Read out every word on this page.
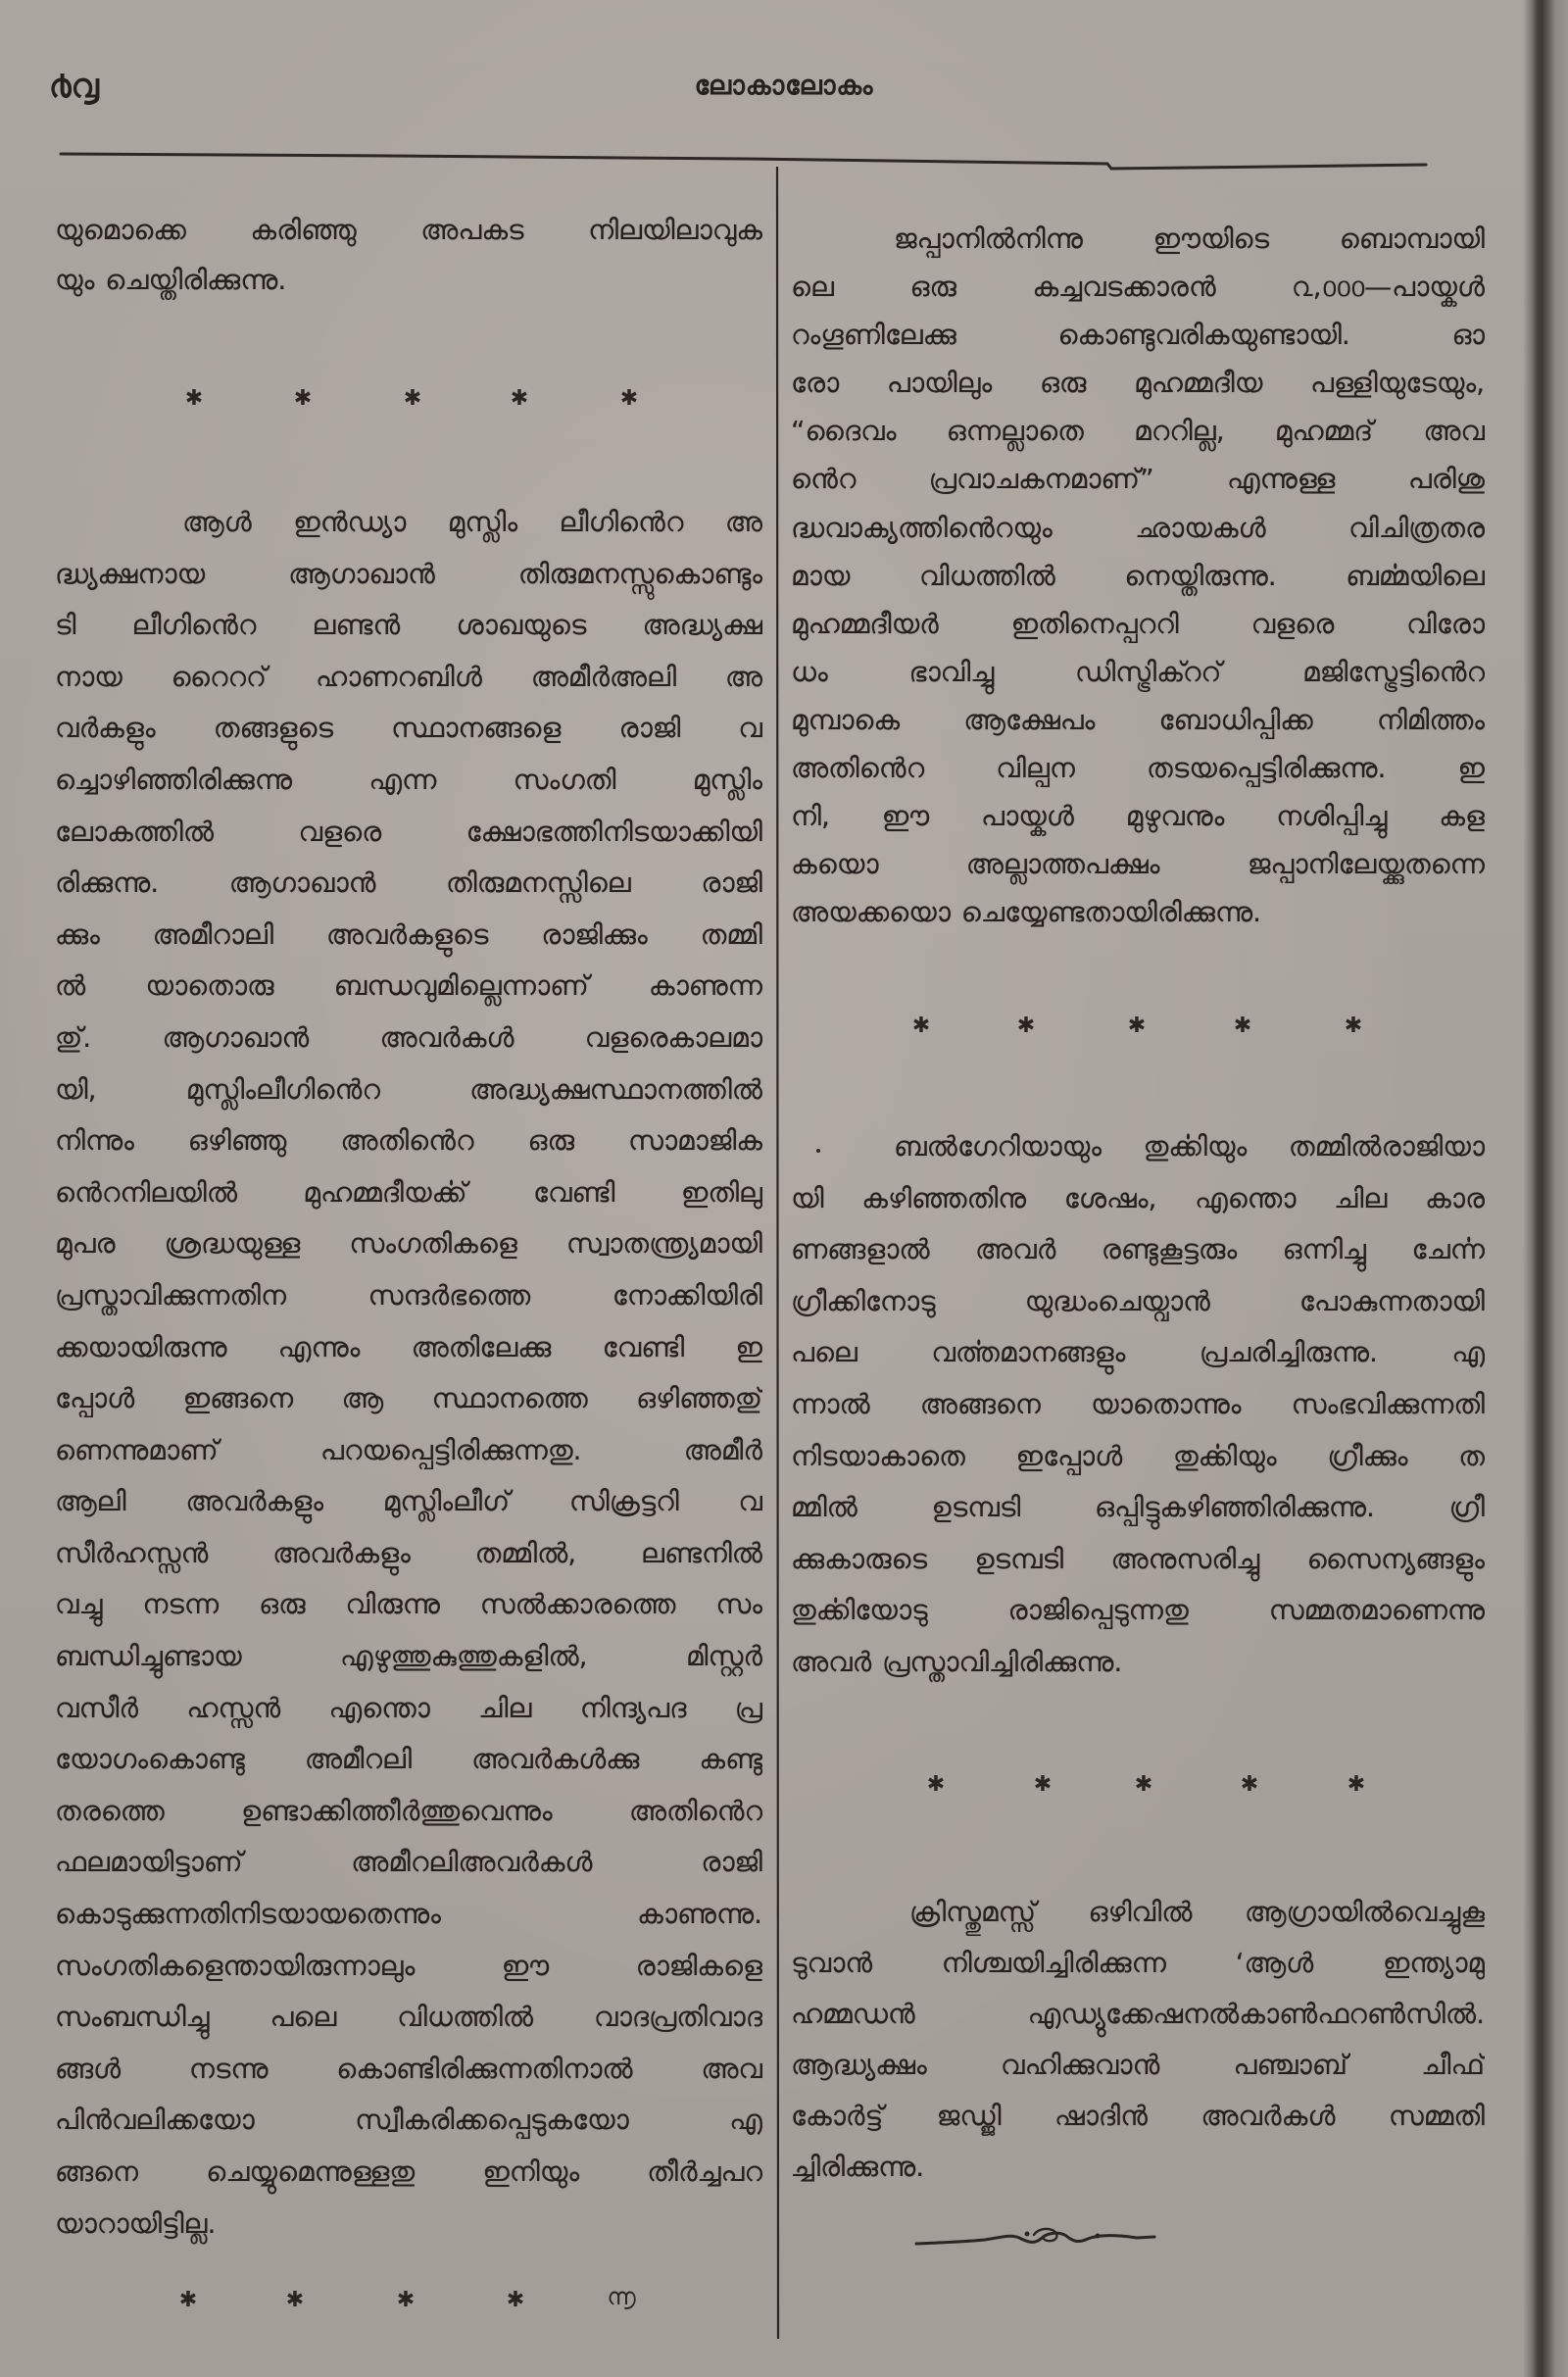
൪൮	ലോകാലോകം
യുമൊക്കെ കരിഞ്ഞു അപകട നിലയിലാവുക
യും ചെയ്തിരിക്കുന്നു.
✱	✱	✱	✱	✱
ആൾ ഇൻഡ്യാ മുസ്ലിം ലീഗിൻെറ അ
ദ്ധ്യക്ഷനായ ആഗാഖാൻ തിരുമനസ്സുകൊണ്ടും
ടി ലീഗിൻെറ ലണ്ടൻ ശാഖയുടെ അദ്ധ്യക്ഷ
നായ റൈററ് ഹാണറബിൾ അമീർഅലി അ
വർകളും തങ്ങളുടെ സ്ഥാനങ്ങളെ രാജി വ
ച്ചൊഴിഞ്ഞിരിക്കുന്നു എന്ന സംഗതി മുസ്ലിം
ലോകത്തിൽ വളരെ ക്ഷോഭത്തിനിടയാക്കിയി
രിക്കുന്നു. ആഗാഖാൻ തിരുമനസ്സിലെ രാജി
ക്കും അമീറാലി അവർകളുടെ രാജിക്കും തമ്മി
ൽ യാതൊരു ബന്ധവുമില്ലെന്നാണ് കാണുന്ന
തു്. ആഗാഖാൻ അവർകൾ വളരെകാലമാ
യി, മുസ്ലിംലീഗിൻെറ അദ്ധ്യക്ഷസ്ഥാനത്തിൽ
നിന്നും ഒഴിഞ്ഞു അതിൻെറ ഒരു സാമാജിക
ൻെറനിലയിൽ മുഹമ്മദീയൎക്ക് വേണ്ടി ഇതിലു
മുപര ശ്രദ്ധയുള്ള സംഗതികളെ സ്വാതന്ത്ര്യമായി
പ്രസ്താവിക്കുന്നതിന സന്ദർഭത്തെ നോക്കിയിരി
ക്കയായിരുന്നു എന്നും അതിലേക്കു വേണ്ടി ഇ
പ്പോൾ ഇങ്ങനെ ആ സ്ഥാനത്തെ ഒഴിഞ്ഞതു്
ണെന്നുമാണ് പറയപ്പെട്ടിരിക്കുന്നതു. അമീർ
ആലി അവർകളും മുസ്ലിംലീഗ് സിക്രട്ടറി വ
സീർഹസ്സൻ അവർകളും തമ്മിൽ, ലണ്ടനിൽ
വച്ചു നടന്ന ഒരു വിരുന്നു സൽക്കാരത്തെ സം
ബന്ധിച്ചുണ്ടായ എഴുത്തുകുത്തുകളിൽ, മിസ്റ്റർ
വസീർ ഹസ്സൻ എന്തൊ ചില നിന്ദ്യപദ പ്ര
യോഗംകൊണ്ടു അമീറലി അവർകൾക്കു കണ്ടു
തരത്തെ ഉണ്ടാക്കിത്തീർത്തുവെന്നും അതിൻെറ
ഫലമായിട്ടാണ് അമീറലിഅവർകൾ രാജി
കൊടുക്കുന്നതിനിടയായതെന്നും കാണുന്നു.
സംഗതികളെന്തായിരുന്നാലും ഈ രാജികളെ
സംബന്ധിച്ചു പലെ വിധത്തിൽ വാദപ്രതിവാദ
ങ്ങൾ നടന്നു കൊണ്ടിരിക്കുന്നതിനാൽ അവ
പിൻവലിക്കയോ സ്വീകരിക്കപ്പെടുകയോ എ
ങ്ങനെ ചെയ്യുമെന്നുള്ളതു ഇനിയും തീർച്ചപറ
യാറായിട്ടില്ല.
✱	✱	✱	✱	൬
ജപ്പാനിൽനിന്നു ഈയിടെ ബൊമ്പായി
ലെ ഒരു കച്ചവടക്കാരൻ ൨,൦൦൦—പായ്കൾ
റംഗൂണിലേക്കു കൊണ്ടുവരികയുണ്ടായി. ഓ
രോ പായിലും ഒരു മുഹമ്മദീയ പള്ളിയുടേയും,
“ദൈവം ഒന്നല്ലാതെ മററില്ല, മുഹമ്മദ് അവ
ൻെറ പ്രവാചകനമാണ്” എന്നുള്ള പരിശു
ദ്ധവാക്യത്തിൻെറയും ഛായകൾ വിചിത്രതര
മായ വിധത്തിൽ നെയ്തിരുന്നു. ബൎമ്മയിലെ
മുഹമ്മദീയർ ഇതിനെപ്പററി വളരെ വിരോ
ധം ഭാവിച്ചു ഡിസ്ട്രിക്ററ് മജിസ്ട്രേട്ടിൻെറ
മുമ്പാകെ ആക്ഷേപം ബോധിപ്പിക്ക നിമിത്തം
അതിൻെറ വില്പന തടയപ്പെട്ടിരിക്കുന്നു. ഇ
നി, ഈ പായ്കൾ മുഴുവനും നശിപ്പിച്ചു കള
കയൊ അല്ലാത്തപക്ഷം ജപ്പാനിലേയ്ക്കുതന്നെ
അയക്കയൊ ചെയ്യേണ്ടതായിരിക്കുന്നു.
✱	✱	✱	✱	✱
ബൽഗേറിയായും തുൎക്കിയും തമ്മിൽരാജിയാ
യി കഴിഞ്ഞതിനു ശേഷം, എന്തൊ ചില കാര
ണങ്ങളാൽ അവർ രണ്ടുകൂട്ടരും ഒന്നിച്ചു ചേൎന്ന
ഗ്രീക്കിനോടു യുദ്ധംചെയ്വാൻ പോകുന്നതായി
പലെ വൎത്തമാനങ്ങളും പ്രചരിച്ചിരുന്നു. എ
ന്നാൽ അങ്ങനെ യാതൊന്നും സംഭവിക്കുന്നതി
നിടയാകാതെ ഇപ്പോൾ തുൎക്കിയും ഗ്രീക്കും ത
മ്മിൽ ഉടമ്പടി ഒപ്പിട്ടുകഴിഞ്ഞിരിക്കുന്നു. ഗ്രീ
ക്കുകാരുടെ ഉടമ്പടി അനുസരിച്ചു സൈന്യങ്ങളും
തുൎക്കിയോടു രാജിപ്പെടുന്നതു സമ്മതമാണെന്നു
അവർ പ്രസ്താവിച്ചിരിക്കുന്നു.
✱	✱	✱	✱	✱
ക്രിസ്തുമസ്സ് ഒഴിവിൽ ആഗ്രായിൽവെച്ചുകൂ
ടുവാൻ നിശ്ചയിച്ചിരിക്കുന്ന ‘ആൾ ഇന്ത്യാമു
ഹമ്മഡൻ എഡ്യുക്കേഷനൽകാൺഫറൺസിൽ.
ആദ്ധ്യക്ഷം വഹിക്കുവാൻ പഞ്ചാബ് ചീഫ്
കോർട്ട് ജഡ്ജി ഷാദിൻ അവർകൾ സമ്മതി
ച്ചിരിക്കുന്നു.
